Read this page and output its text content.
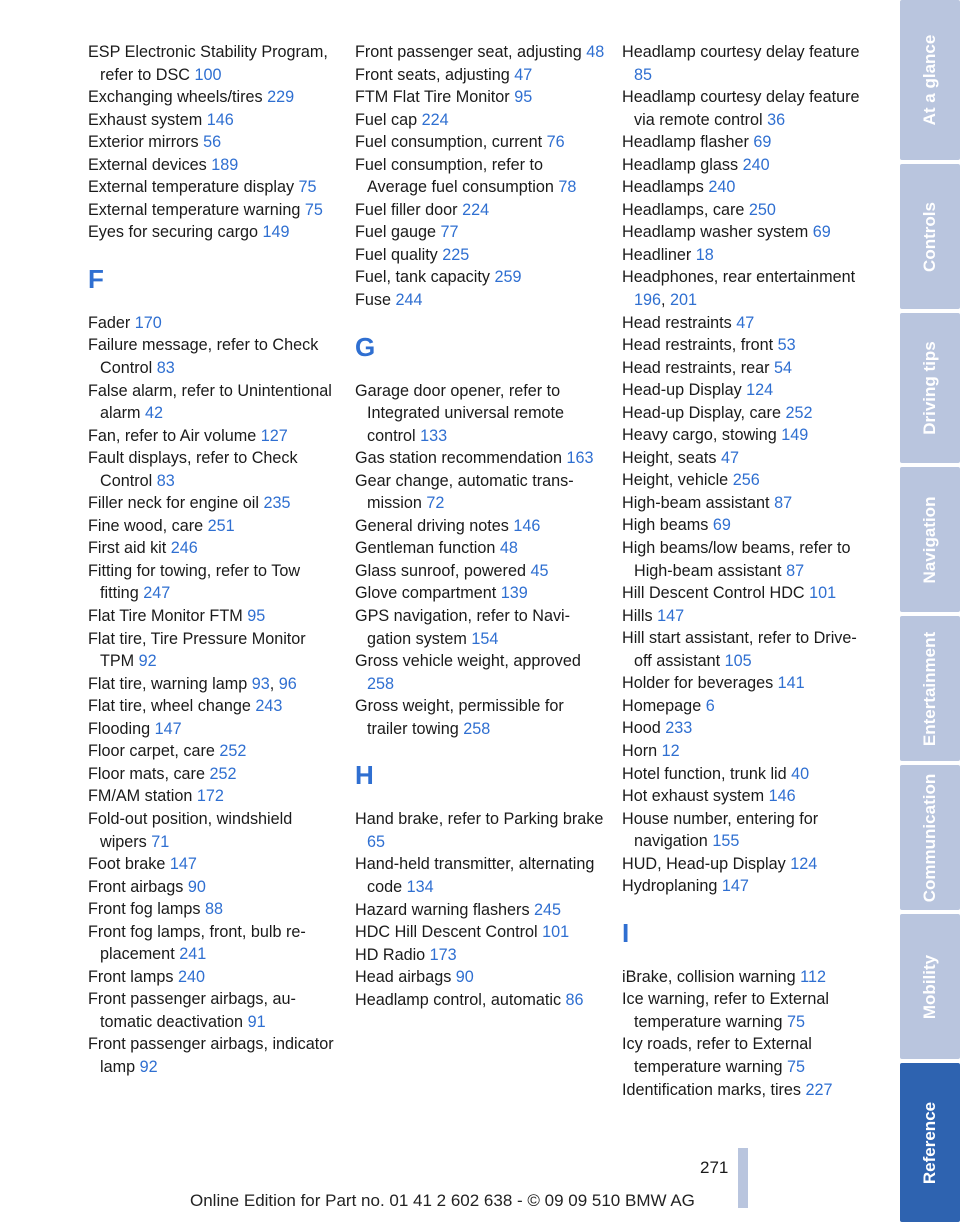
ESP Electronic Stability Program, refer to DSC 100

Exchanging wheels/tires 229

Exhaust system 146

Exterior mirrors 56

External devices 189

External temperature display 75

External temperature warning 75

Eyes for securing cargo 149

F

Fader 170

Failure message, refer to Check Control 83

False alarm, refer to Unintentional alarm 42

Fan, refer to Air volume 127

Fault displays, refer to Check Control 83

Filler neck for engine oil 235

Fine wood, care 251

First aid kit 246

Fitting for towing, refer to Tow fitting 247

Flat Tire Monitor FTM 95

Flat tire, Tire Pressure Monitor TPM 92

Flat tire, warning lamp 93, 96

Flat tire, wheel change 243

Flooding 147

Floor carpet, care 252

Floor mats, care 252

FM/AM station 172

Fold-out position, windshield wipers 71

Foot brake 147

Front airbags 90

Front fog lamps 88

Front fog lamps, front, bulb replacement 241

Front lamps 240

Front passenger airbags, automatic deactivation 91

Front passenger airbags, indicator lamp 92

Front passenger seat, adjusting 48

Front seats, adjusting 47

FTM Flat Tire Monitor 95

Fuel cap 224

Fuel consumption, current 76

Fuel consumption, refer to Average fuel consumption 78

Fuel filler door 224

Fuel gauge 77

Fuel quality 225

Fuel, tank capacity 259

Fuse 244

G

Garage door opener, refer to Integrated universal remote control 133

Gas station recommendation 163

Gear change, automatic transmission 72

General driving notes 146

Gentleman function 48

Glass sunroof, powered 45

Glove compartment 139

GPS navigation, refer to Navigation system 154

Gross vehicle weight, approved 258

Gross weight, permissible for trailer towing 258

H

Hand brake, refer to Parking brake 65

Hand-held transmitter, alternating code 134

Hazard warning flashers 245

HDC Hill Descent Control 101

HD Radio 173

Head airbags 90

Headlamp control, automatic 86

Headlamp courtesy delay feature 85

Headlamp courtesy delay feature via remote control 36

Headlamp flasher 69

Headlamp glass 240

Headlamps 240

Headlamps, care 250

Headlamp washer system 69

Headliner 18

Headphones, rear entertainment 196, 201

Head restraints 47

Head restraints, front 53

Head restraints, rear 54

Head-up Display 124

Head-up Display, care 252

Heavy cargo, stowing 149

Height, seats 47

Height, vehicle 256

High-beam assistant 87

High beams 69

High beams/low beams, refer to High-beam assistant 87

Hill Descent Control HDC 101

Hills 147

Hill start assistant, refer to Drive-off assistant 105

Holder for beverages 141

Homepage 6

Hood 233

Horn 12

Hotel function, trunk lid 40

Hot exhaust system 146

House number, entering for navigation 155

HUD, Head-up Display 124

Hydroplaning 147

I

iBrake, collision warning 112

Ice warning, refer to External temperature warning 75

Icy roads, refer to External temperature warning 75

Identification marks, tires 227

At a glance
Controls
Driving tips
Navigation
Entertainment
Communication
Mobility
Reference
271
Online Edition for Part no. 01 41 2 602 638 - © 09 09 510 BMW AG
